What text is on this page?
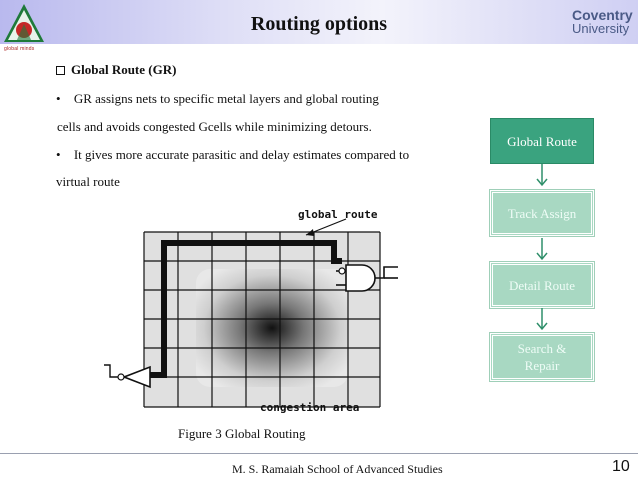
Routing options
global minds
Coventry
University
Global Route (GR)
• GR assigns nets to specific metal layers and global routing
cells and avoids congested Gcells while minimizing detours.
• It gives more accurate parasitic and delay estimates compared to
virtual route
Global Route
Track Assign
Detail Route
Search &
Repair
global route
congestion area
Figure 3 Global Routing
M. S. Ramaiah School of Advanced Studies	10
